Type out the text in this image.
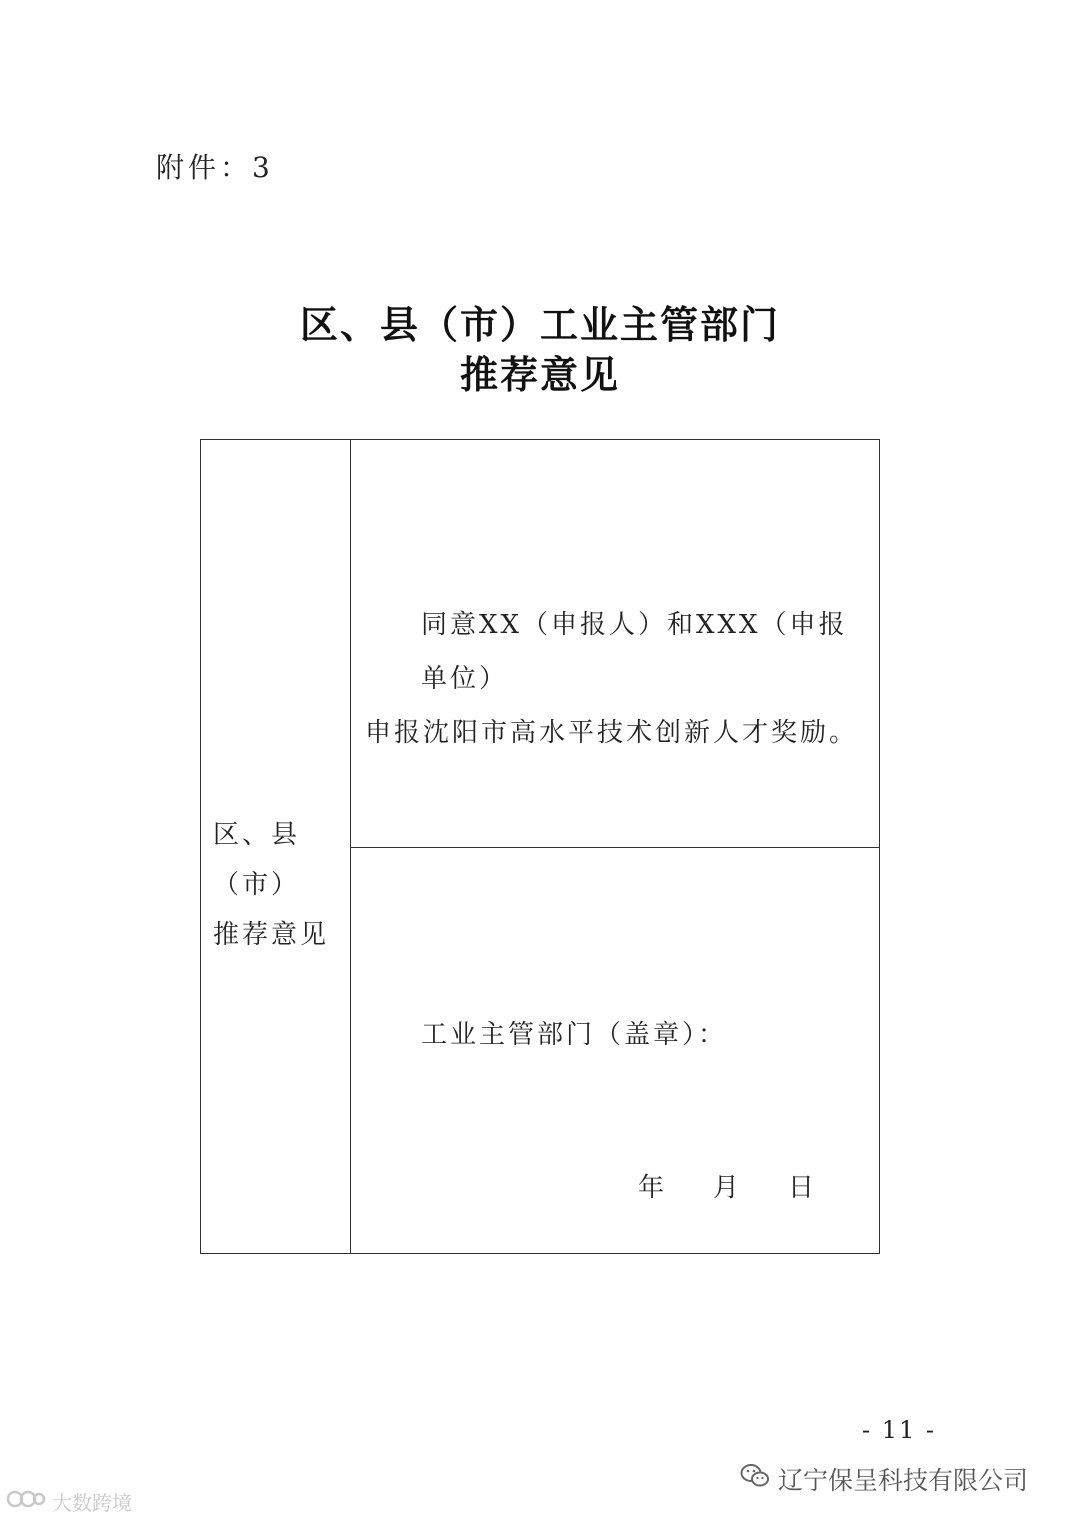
附件：3
区、县（市）工业主管部门
推荐意见
区、县（市）
推荐意见
同意XX（申报人）和XXX（申报单位）
申报沈阳市高水平技术创新人才奖励。
工业主管部门（盖章）：
年 月 日
- 11 -
大数跨境
辽宁保呈科技有限公司
